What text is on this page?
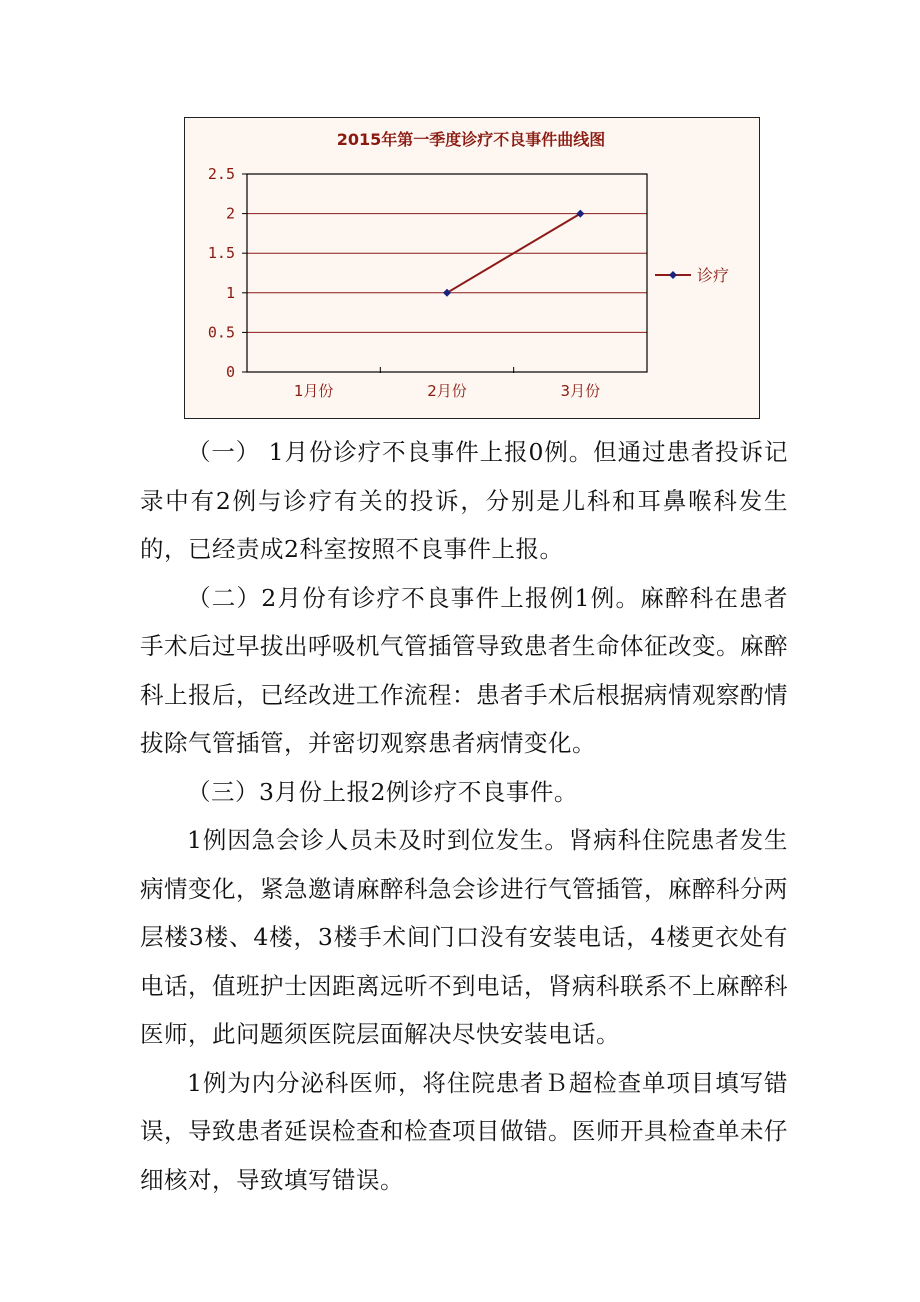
2015年第一季度诊疗不良事件曲线图
0
0.5
1
1.5
2
2.5
1月份	2月份	3月份
诊疗

（一） 1月份诊疗不良事件上报0例。但通过患者投诉记录中有2例与诊疗有关的投诉，分别是儿科和耳鼻喉科发生的，已经责成2科室按照不良事件上报。

（二）2月份有诊疗不良事件上报例1例。麻醉科在患者手术后过早拔出呼吸机气管插管导致患者生命体征改变。麻醉科上报后，已经改进工作流程：患者手术后根据病情观察酌情拔除气管插管，并密切观察患者病情变化。

（三）3月份上报2例诊疗不良事件。

1例因急会诊人员未及时到位发生。肾病科住院患者发生病情变化，紧急邀请麻醉科急会诊进行气管插管，麻醉科分两层楼3楼、4楼，3楼手术间门口没有安装电话，4楼更衣处有电话，值班护士因距离远听不到电话，肾病科联系不上麻醉科医师，此问题须医院层面解决尽快安装电话。

1例为内分泌科医师，将住院患者Ｂ超检查单项目填写错误，导致患者延误检查和检查项目做错。医师开具检查单未仔细核对，导致填写错误。
